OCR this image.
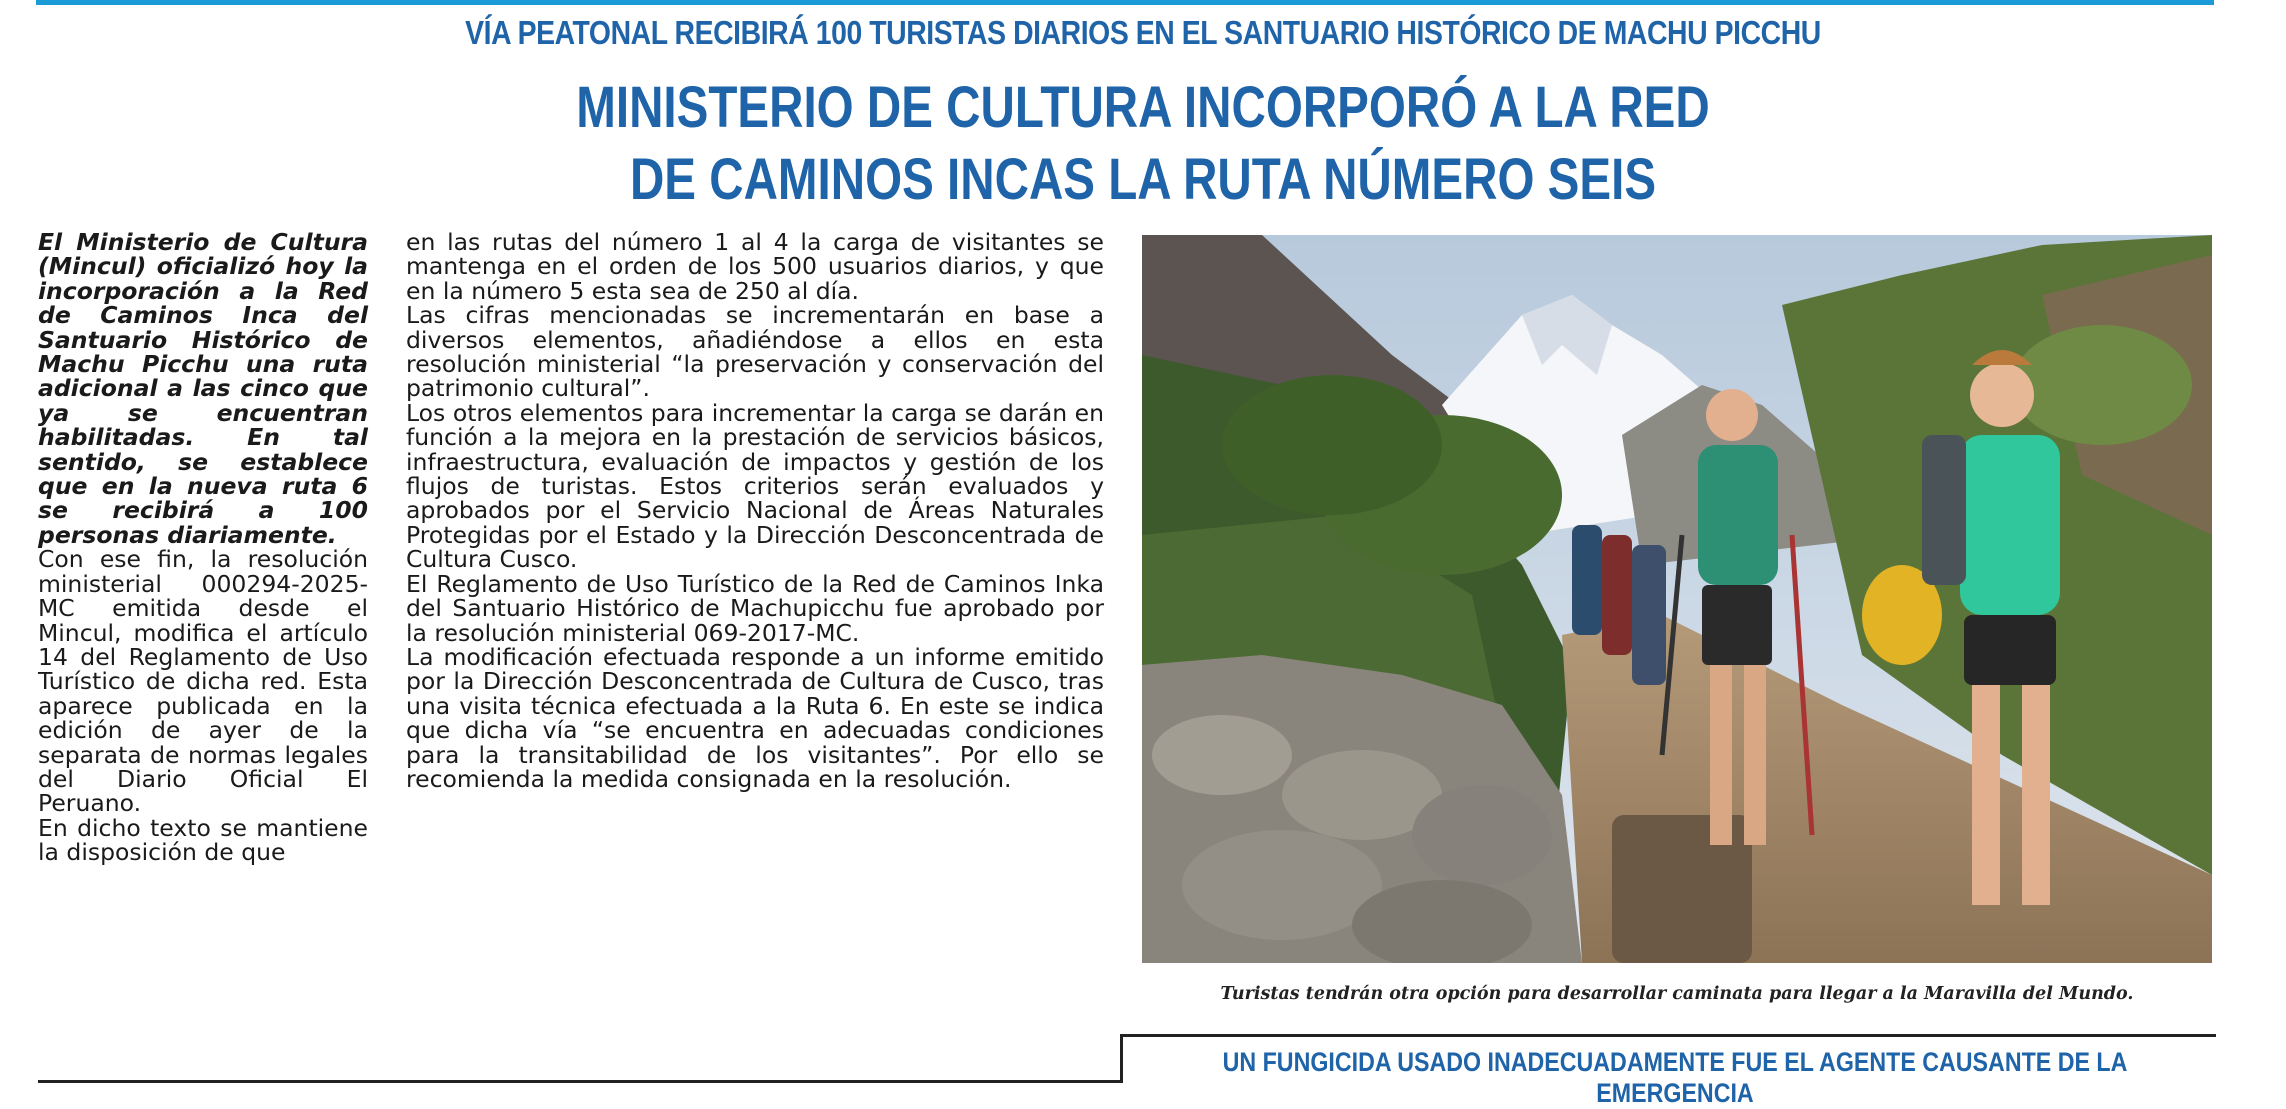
VÍA PEATONAL RECIBIRÁ 100 TURISTAS DIARIOS EN EL SANTUARIO HISTÓRICO DE MACHU PICCHU
MINISTERIO DE CULTURA INCORPORÓ A LA RED
DE CAMINOS INCAS LA RUTA NÚMERO SEIS

El Ministerio de Cultura (Mincul) oficializó hoy la incorporación a la Red de Caminos Inca del Santuario Histórico de Machu Picchu una ruta adicional a las cinco que ya se encuentran habilitadas. En tal sentido, se establece que en la nueva ruta 6 se recibirá a 100 personas diariamente.

Con ese fin, la resolución ministerial 000294-2025-MC emitida desde el Mincul, modifica el artículo 14 del Reglamento de Uso Turístico de dicha red. Esta aparece publicada en la edición de ayer de la separata de normas legales del Diario Oficial El Peruano.

En dicho texto se mantiene la disposición de que

en las rutas del número 1 al 4 la carga de visitantes se mantenga en el orden de los 500 usuarios diarios, y que en la número 5 esta sea de 250 al día.

Las cifras mencionadas se incrementarán en base a diversos elementos, añadiéndose a ellos en esta resolución ministerial “la preservación y conservación del patrimonio cultural”.

Los otros elementos para incrementar la carga se darán en función a la mejora en la prestación de servicios básicos, infraestructura, evaluación de impactos y gestión de los flujos de turistas. Estos criterios serán evaluados y aprobados por el Servicio Nacional de Áreas Naturales Protegidas por el Estado y la Dirección Desconcentrada de Cultura Cusco.

El Reglamento de Uso Turístico de la Red de Caminos Inka del Santuario Histórico de Machupicchu fue aprobado por la resolución ministerial 069-2017-MC.

La modificación efectuada responde a un informe emitido por la Dirección Desconcentrada de Cultura de Cusco, tras una visita técnica efectuada a la Ruta 6. En este se indica que dicha vía “se encuentra en adecuadas condiciones para la transitabilidad de los visitantes”. Por ello se recomienda la medida consignada en la resolución.

Turistas tendrán otra opción para desarrollar caminata para llegar a la Maravilla del Mundo.
UN FUNGICIDA USADO INADECUADAMENTE FUE EL AGENTE CAUSANTE DE LA EMERGENCIA
